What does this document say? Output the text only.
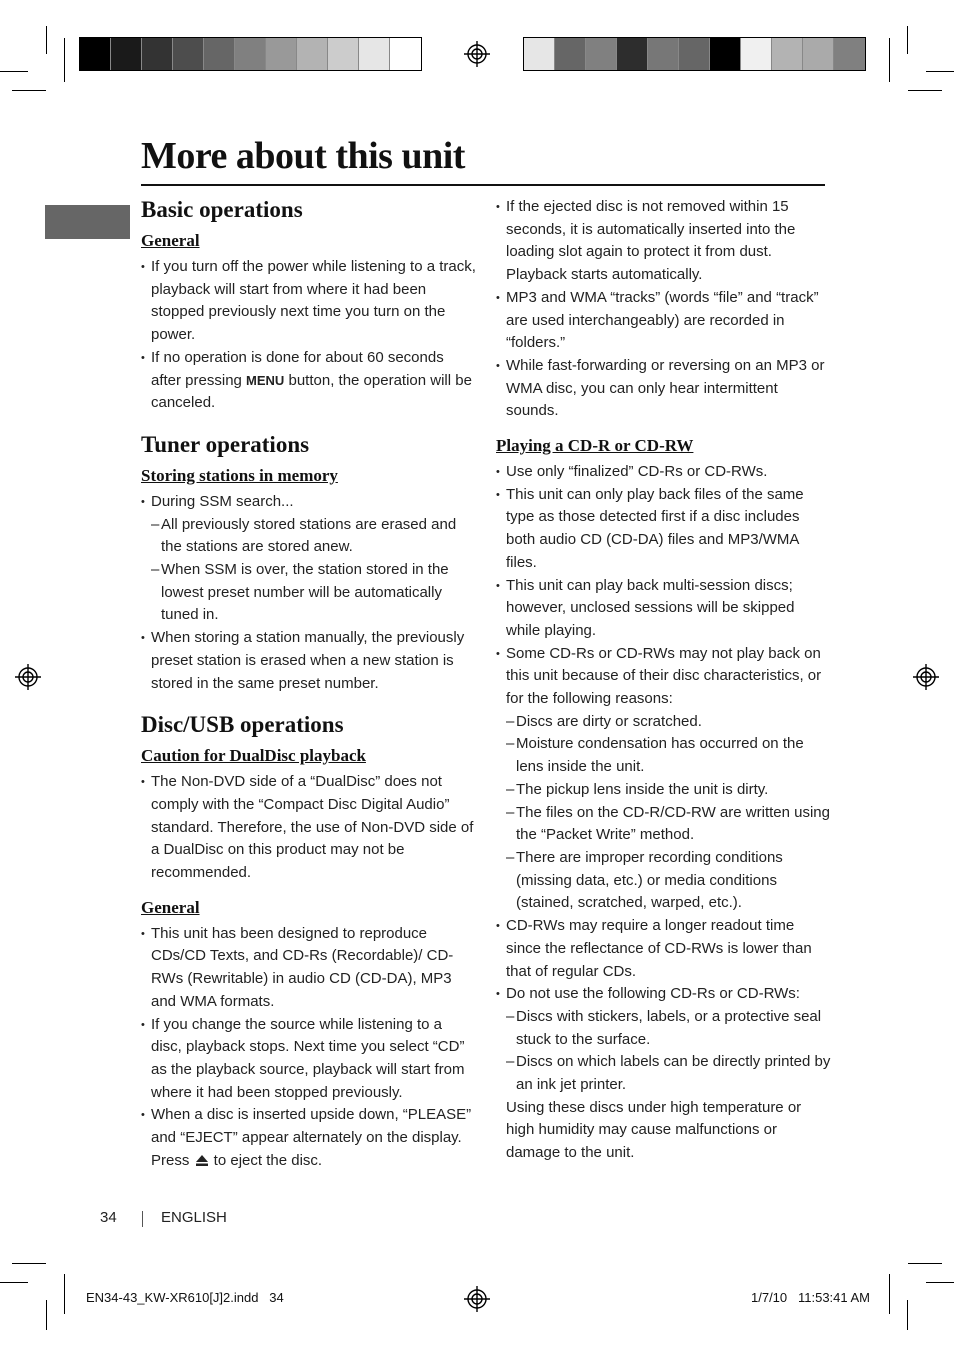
More about this unit
Basic operations
General
• If you turn off the power while listening to a track, playback will start from where it had been stopped previously next time you turn on the power.
• If no operation is done for about 60 seconds after pressing MENU button, the operation will be canceled.
Tuner operations
Storing stations in memory
• During SSM search...
– All previously stored stations are erased and the stations are stored anew.
– When SSM is over, the station stored in the lowest preset number will be automatically tuned in.
• When storing a station manually, the previously preset station is erased when a new station is stored in the same preset number.
Disc/USB operations
Caution for DualDisc playback
• The Non-DVD side of a “DualDisc” does not comply with the “Compact Disc Digital Audio” standard. Therefore, the use of Non-DVD side of a DualDisc on this product may not be recommended.
General
• This unit has been designed to reproduce CDs/CD Texts, and CD-Rs (Recordable)/ CD-RWs (Rewritable) in audio CD (CD-DA), MP3 and WMA formats.
• If you change the source while listening to a disc, playback stops. Next time you select “CD” as the playback source, playback will start from where it had been stopped previously.
• When a disc is inserted upside down, “PLEASE” and “EJECT” appear alternately on the display. Press  to eject the disc.
• If the ejected disc is not removed within 15 seconds, it is automatically inserted into the loading slot again to protect it from dust. Playback starts automatically.
• MP3 and WMA “tracks” (words “file” and “track” are used interchangeably) are recorded in “folders.”
• While fast-forwarding or reversing on an MP3 or WMA disc, you can only hear intermittent sounds.
Playing a CD-R or CD-RW
• Use only “finalized” CD-Rs or CD-RWs.
• This unit can only play back files of the same type as those detected first if a disc includes both audio CD (CD-DA) files and MP3/WMA files.
• This unit can play back multi-session discs; however, unclosed sessions will be skipped while playing.
• Some CD-Rs or CD-RWs may not play back on this unit because of their disc characteristics, or for the following reasons:
– Discs are dirty or scratched.
– Moisture condensation has occurred on the lens inside the unit.
– The pickup lens inside the unit is dirty.
– The files on the CD-R/CD-RW are written using the “Packet Write” method.
– There are improper recording conditions (missing data, etc.) or media conditions (stained, scratched, warped, etc.).
• CD-RWs may require a longer readout time since the reflectance of CD-RWs is lower than that of regular CDs.
• Do not use the following CD-Rs or CD-RWs:
– Discs with stickers, labels, or a protective seal stuck to the surface.
– Discs on which labels can be directly printed by an ink jet printer.
Using these discs under high temperature or high humidity may cause malfunctions or damage to the unit.
34	ENGLISH
EN34-43_KW-XR610[J]2.indd   34	1/7/10   11:53:41 AM
